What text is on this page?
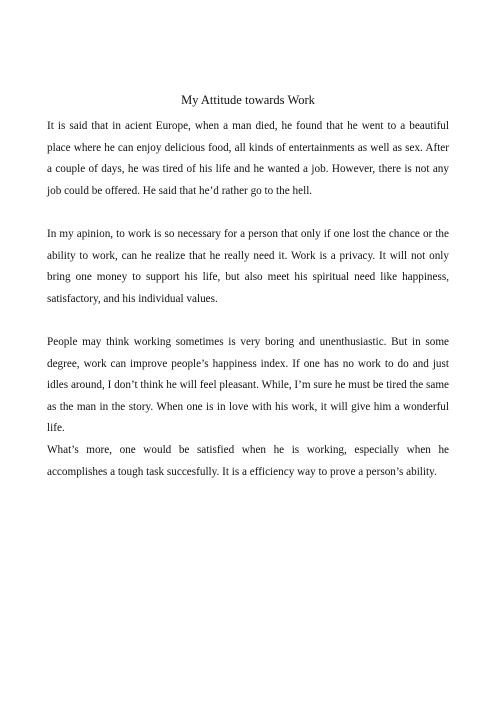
My Attitude towards Work

It is said that in acient Europe, when a man died, he found that he went to a beautiful place where he can enjoy delicious food, all kinds of entertainments as well as sex. After a couple of days, he was tired of his life and he wanted a job. However, there is not any job could be offered. He said that he’d rather go to the hell.

In my apinion, to work is so necessary for a person that only if one lost the chance or the ability to work, can he realize that he really need it. Work is a privacy. It will not only bring one money to support his life, but also meet his spiritual need like happiness, satisfactory, and his individual values.

People may think working sometimes is very boring and unenthusiastic. But in some degree, work can improve people’s happiness index. If one has no work to do and just idles around, I don’t think he will feel pleasant. While, I’m sure he must be tired the same as the man in the story. When one is in love with his work, it will give him a wonderful life.

What’s more, one would be satisfied when he is working, especially when he accomplishes a tough task succesfully. It is a efficiency way to prove a person’s ability.
